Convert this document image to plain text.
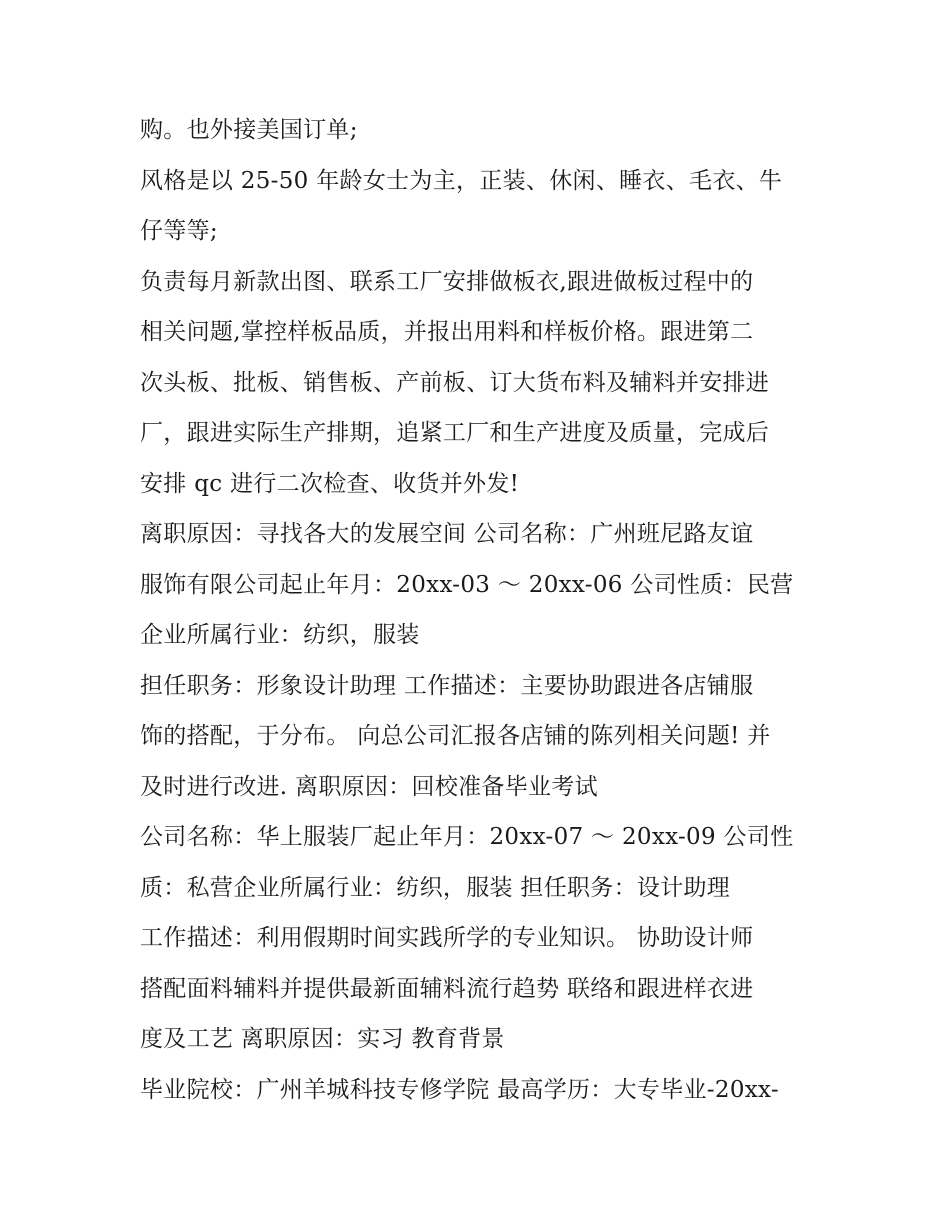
购。也外接美国订单;
风格是以 25-50 年龄女士为主，正装、休闲、睡衣、毛衣、牛
仔等等;
负责每月新款出图、联系工厂安排做板衣,跟进做板过程中的
相关问题,掌控样板品质，并报出用料和样板价格。跟进第二
次头板、批板、销售板、产前板、订大货布料及辅料并安排进
厂，跟进实际生产排期，追紧工厂和生产进度及质量，完成后
安排 qc 进行二次检查、收货并外发!
离职原因：寻找各大的发展空间 公司名称：广州班尼路友谊
服饰有限公司起止年月：20xx-03 ～ 20xx-06 公司性质：民营
企业所属行业：纺织，服装
担任职务：形象设计助理 工作描述：主要协助跟进各店铺服
饰的搭配，于分布。 向总公司汇报各店铺的陈列相关问题! 并
及时进行改进. 离职原因：回校准备毕业考试
公司名称：华上服装厂起止年月：20xx-07 ～ 20xx-09 公司性
质：私营企业所属行业：纺织，服装 担任职务：设计助理
工作描述：利用假期时间实践所学的专业知识。 协助设计师
搭配面料辅料并提供最新面辅料流行趋势 联络和跟进样衣进
度及工艺 离职原因：实习 教育背景
毕业院校：广州羊城科技专修学院 最高学历：大专毕业-20xx-
